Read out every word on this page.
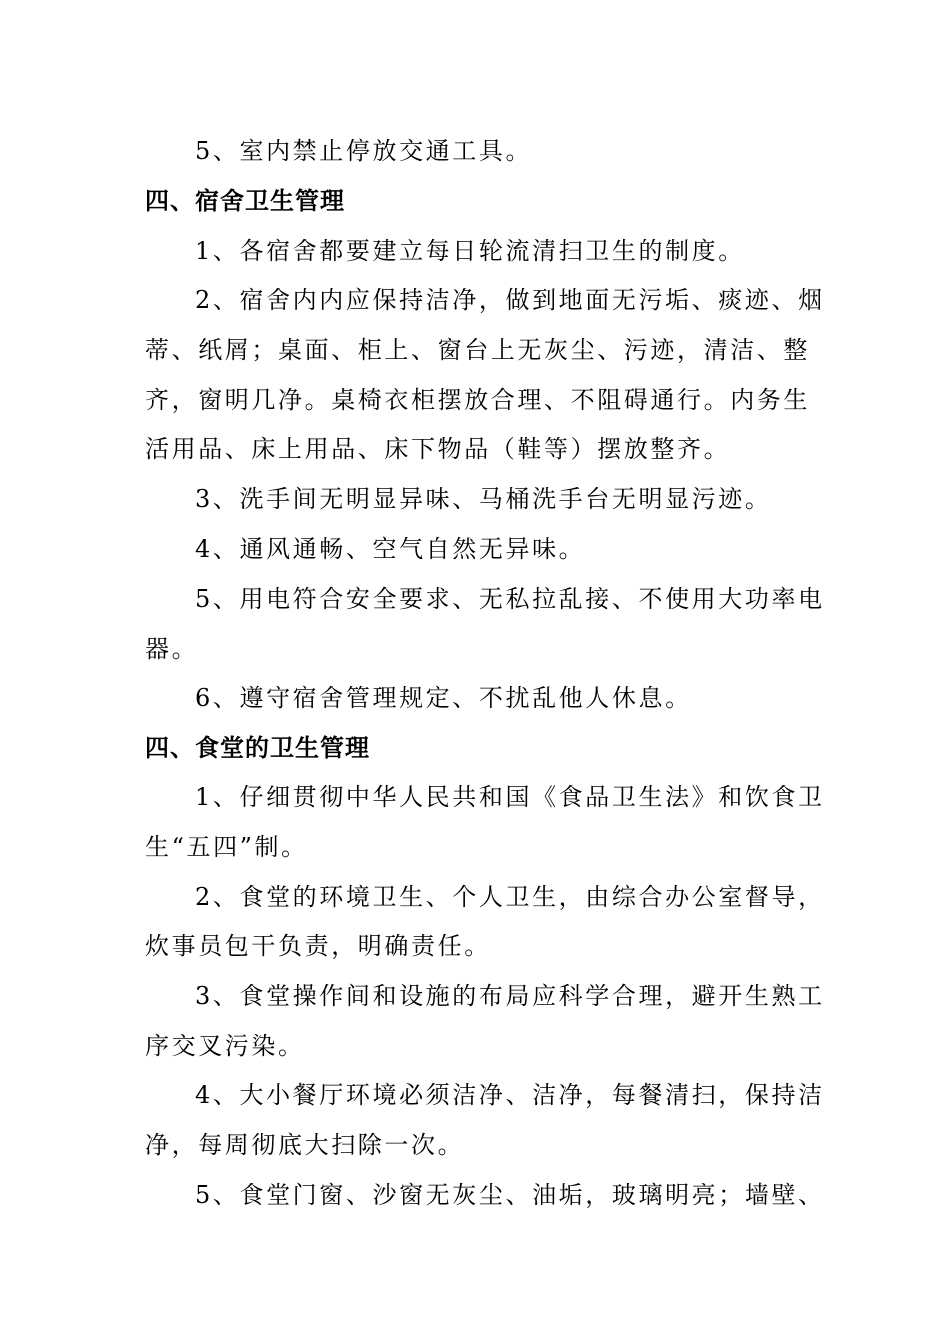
5、室内禁止停放交通工具。
四、宿舍卫生管理
1、各宿舍都要建立每日轮流清扫卫生的制度。
2、宿舍内内应保持洁净，做到地面无污垢、痰迹、烟
蒂、纸屑；桌面、柜上、窗台上无灰尘、污迹，清洁、整
齐，窗明几净。桌椅衣柜摆放合理、不阻碍通行。内务生
活用品、床上用品、床下物品（鞋等）摆放整齐。
3、洗手间无明显异味、马桶洗手台无明显污迹。
4、通风通畅、空气自然无异味。
5、用电符合安全要求、无私拉乱接、不使用大功率电
器。
6、遵守宿舍管理规定、不扰乱他人休息。
四、食堂的卫生管理
1、仔细贯彻中华人民共和国《食品卫生法》和饮食卫
生“五四”制。
2、食堂的环境卫生、个人卫生，由综合办公室督导，
炊事员包干负责，明确责任。
3、食堂操作间和设施的布局应科学合理，避开生熟工
序交叉污染。
4、大小餐厅环境必须洁净、洁净，每餐清扫，保持洁
净，每周彻底大扫除一次。
5、食堂门窗、沙窗无灰尘、油垢，玻璃明亮；墙壁、
